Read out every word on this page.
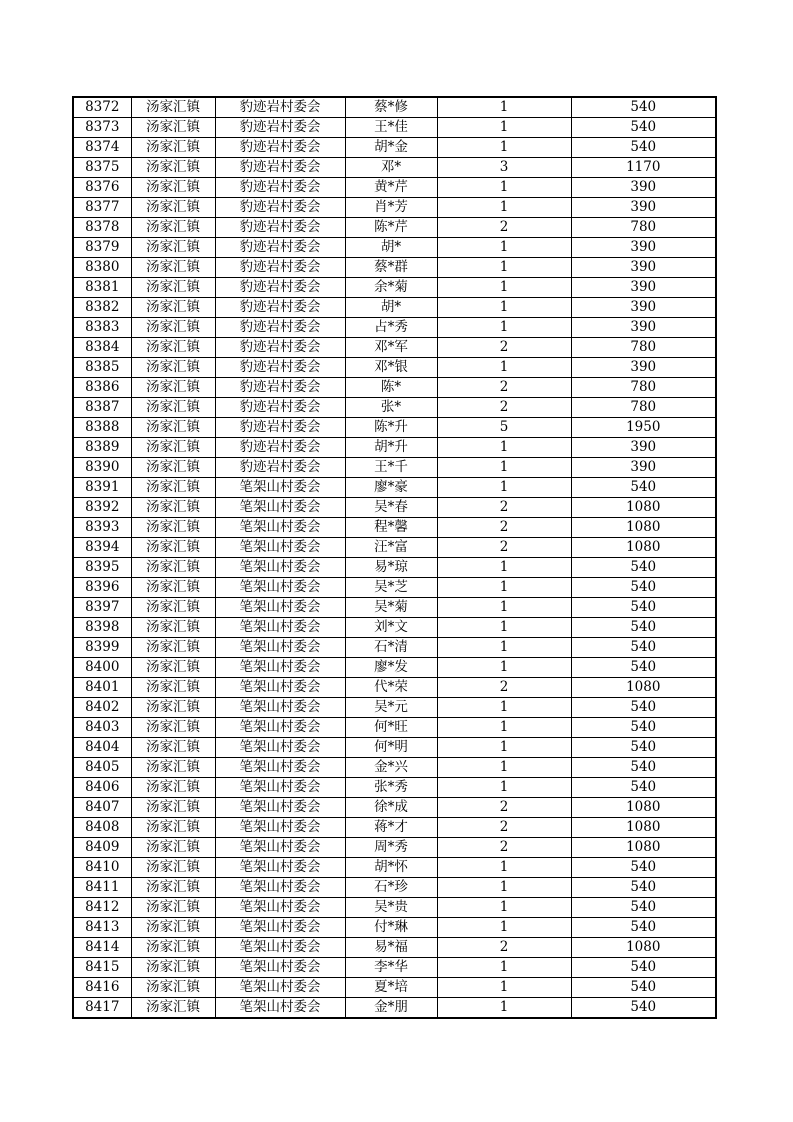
8372	汤家汇镇	豹迹岩村委会	蔡*修	1	540
8373	汤家汇镇	豹迹岩村委会	王*佳	1	540
8374	汤家汇镇	豹迹岩村委会	胡*金	1	540
8375	汤家汇镇	豹迹岩村委会	邓*	3	1170
8376	汤家汇镇	豹迹岩村委会	黄*芹	1	390
8377	汤家汇镇	豹迹岩村委会	肖*芳	1	390
8378	汤家汇镇	豹迹岩村委会	陈*芹	2	780
8379	汤家汇镇	豹迹岩村委会	胡*	1	390
8380	汤家汇镇	豹迹岩村委会	蔡*群	1	390
8381	汤家汇镇	豹迹岩村委会	余*菊	1	390
8382	汤家汇镇	豹迹岩村委会	胡*	1	390
8383	汤家汇镇	豹迹岩村委会	占*秀	1	390
8384	汤家汇镇	豹迹岩村委会	邓*军	2	780
8385	汤家汇镇	豹迹岩村委会	邓*银	1	390
8386	汤家汇镇	豹迹岩村委会	陈*	2	780
8387	汤家汇镇	豹迹岩村委会	张*	2	780
8388	汤家汇镇	豹迹岩村委会	陈*升	5	1950
8389	汤家汇镇	豹迹岩村委会	胡*升	1	390
8390	汤家汇镇	豹迹岩村委会	王*千	1	390
8391	汤家汇镇	笔架山村委会	廖*豪	1	540
8392	汤家汇镇	笔架山村委会	吴*春	2	1080
8393	汤家汇镇	笔架山村委会	程*馨	2	1080
8394	汤家汇镇	笔架山村委会	汪*富	2	1080
8395	汤家汇镇	笔架山村委会	易*琼	1	540
8396	汤家汇镇	笔架山村委会	吴*芝	1	540
8397	汤家汇镇	笔架山村委会	吴*菊	1	540
8398	汤家汇镇	笔架山村委会	刘*文	1	540
8399	汤家汇镇	笔架山村委会	石*清	1	540
8400	汤家汇镇	笔架山村委会	廖*发	1	540
8401	汤家汇镇	笔架山村委会	代*荣	2	1080
8402	汤家汇镇	笔架山村委会	吴*元	1	540
8403	汤家汇镇	笔架山村委会	何*旺	1	540
8404	汤家汇镇	笔架山村委会	何*明	1	540
8405	汤家汇镇	笔架山村委会	金*兴	1	540
8406	汤家汇镇	笔架山村委会	张*秀	1	540
8407	汤家汇镇	笔架山村委会	徐*成	2	1080
8408	汤家汇镇	笔架山村委会	蒋*才	2	1080
8409	汤家汇镇	笔架山村委会	周*秀	2	1080
8410	汤家汇镇	笔架山村委会	胡*怀	1	540
8411	汤家汇镇	笔架山村委会	石*珍	1	540
8412	汤家汇镇	笔架山村委会	吴*贵	1	540
8413	汤家汇镇	笔架山村委会	付*琳	1	540
8414	汤家汇镇	笔架山村委会	易*福	2	1080
8415	汤家汇镇	笔架山村委会	李*华	1	540
8416	汤家汇镇	笔架山村委会	夏*培	1	540
8417	汤家汇镇	笔架山村委会	金*朋	1	540
